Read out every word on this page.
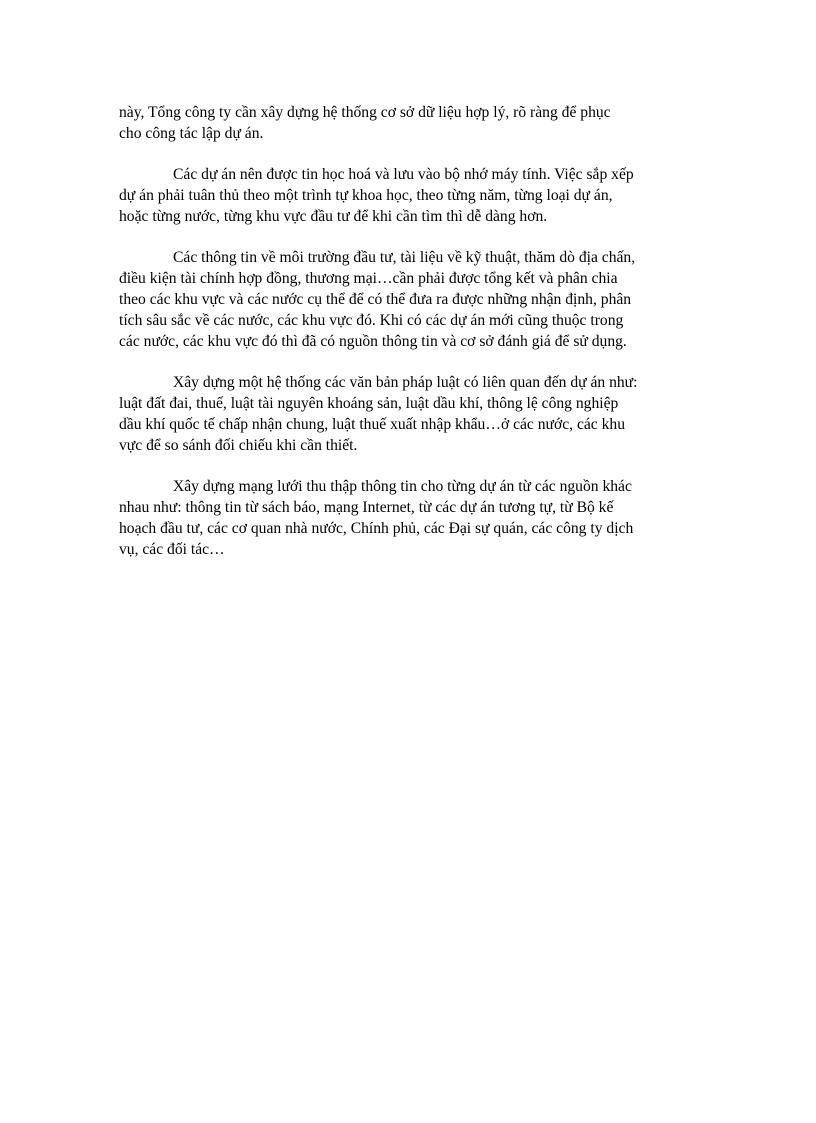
này, Tổng công ty cần xây dựng hệ thống cơ sở dữ liệu hợp lý, rõ ràng để phục
cho công tác lập dự án.

Các dự án nên được tin học hoá và lưu vào bộ nhớ máy tính. Việc sắp xếp
dự án phải tuân thủ theo một trình tự khoa học, theo từng năm, từng loại dự án,
hoặc từng nước, từng khu vực đầu tư để khi cần tìm thì dễ dàng hơn.

Các thông tin về môi trường đầu tư, tài liệu về kỹ thuật, thăm dò địa chấn,
điều kiện tài chính hợp đồng, thương mại…cần phải được tổng kết và phân chia
theo các khu vực và các nước cụ thể để có thể đưa ra được những nhận định, phân
tích sâu sắc về các nước, các khu vực đó. Khi có các dự án mới cũng thuộc trong
các nước, các khu vực đó thì đã có nguồn thông tin và cơ sở đánh giá để sử dụng.

Xây dựng một hệ thống các văn bản pháp luật có liên quan đến dự án như:
luật đất đai, thuế, luật tài nguyên khoáng sản, luật dầu khí, thông lệ công nghiệp
dầu khí quốc tế chấp nhận chung, luật thuế xuất nhập khẩu…ở các nước, các khu
vực để so sánh đối chiếu khi cần thiết.

Xây dựng mạng lưới thu thập thông tin cho từng dự án từ các nguồn khác
nhau như: thông tin từ sách báo, mạng Internet, từ các dự án tương tự, từ Bộ kế
hoạch đầu tư, các cơ quan nhà nước, Chính phủ, các Đại sự quán, các công ty dịch
vụ, các đối tác…
